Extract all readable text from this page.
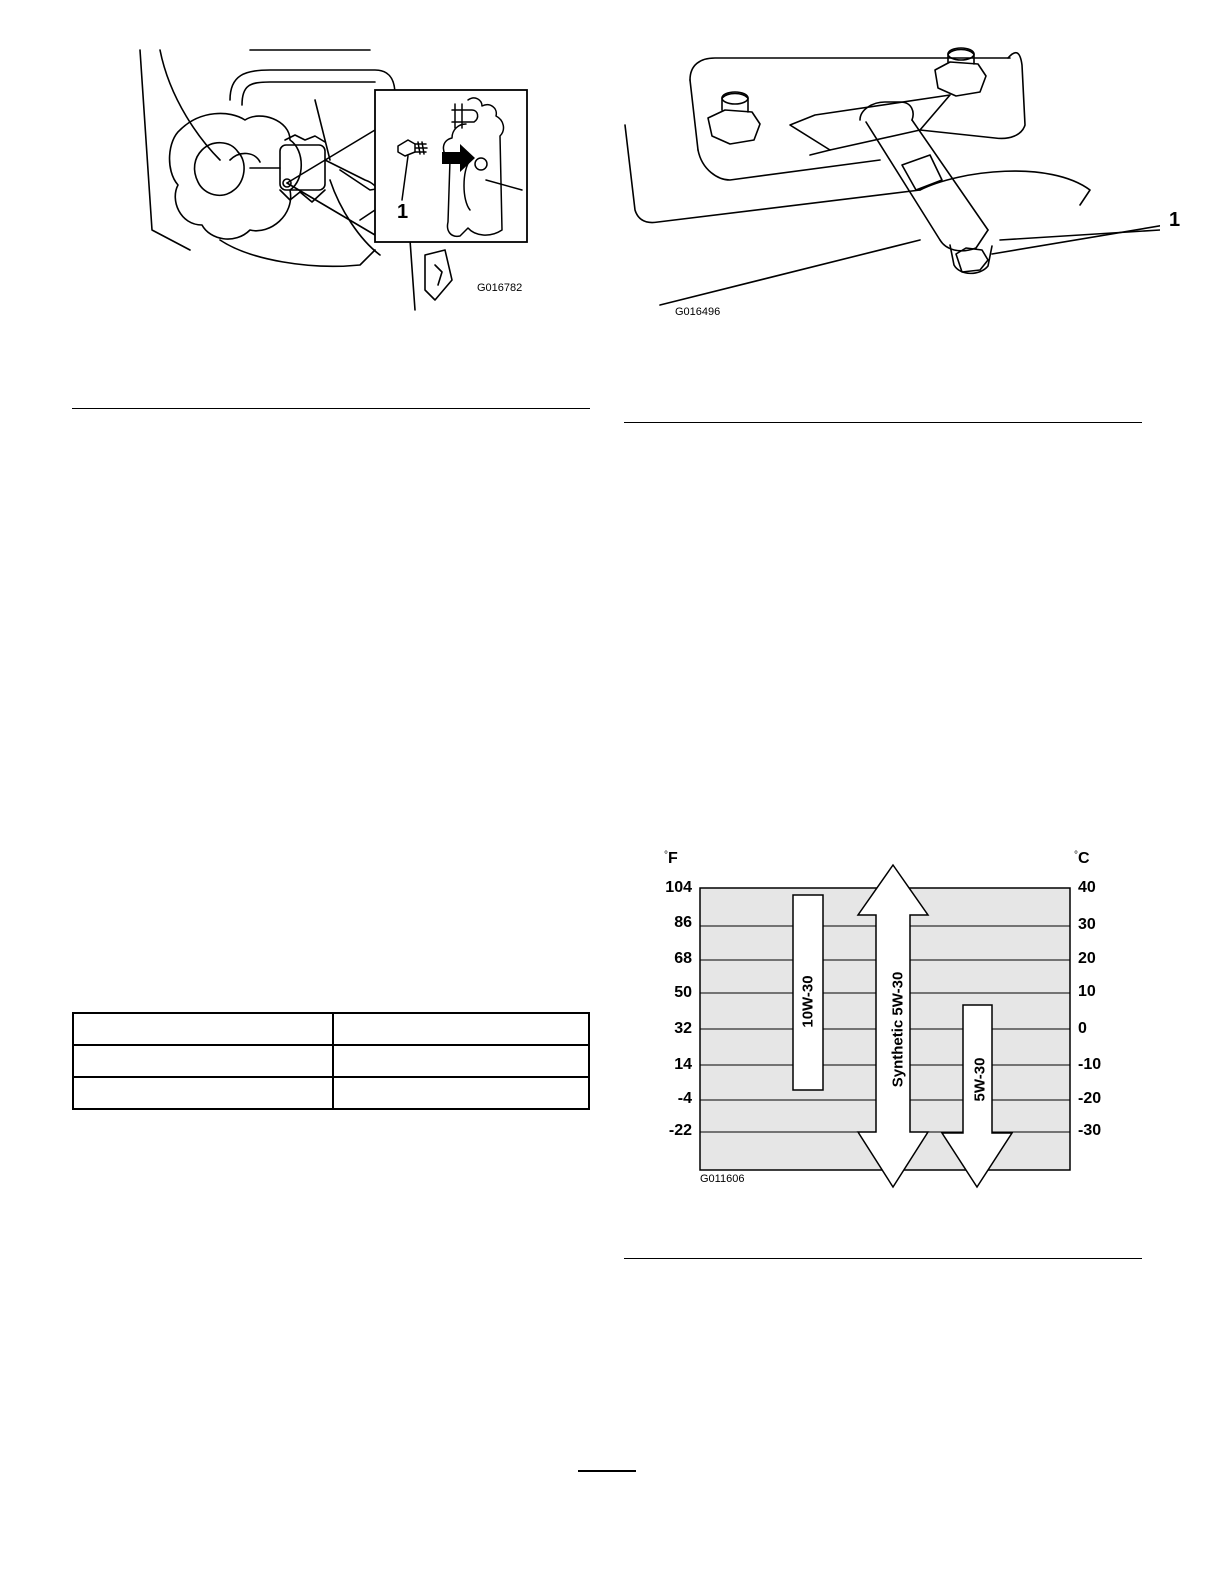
1
G016782
1
G016496

°F	°C
104
86
68
50
32
14
-4
-22
40
30
20
10
0
-10
-20
-30
10W-30	Synthetic 5W-30	5W-30
G011606
